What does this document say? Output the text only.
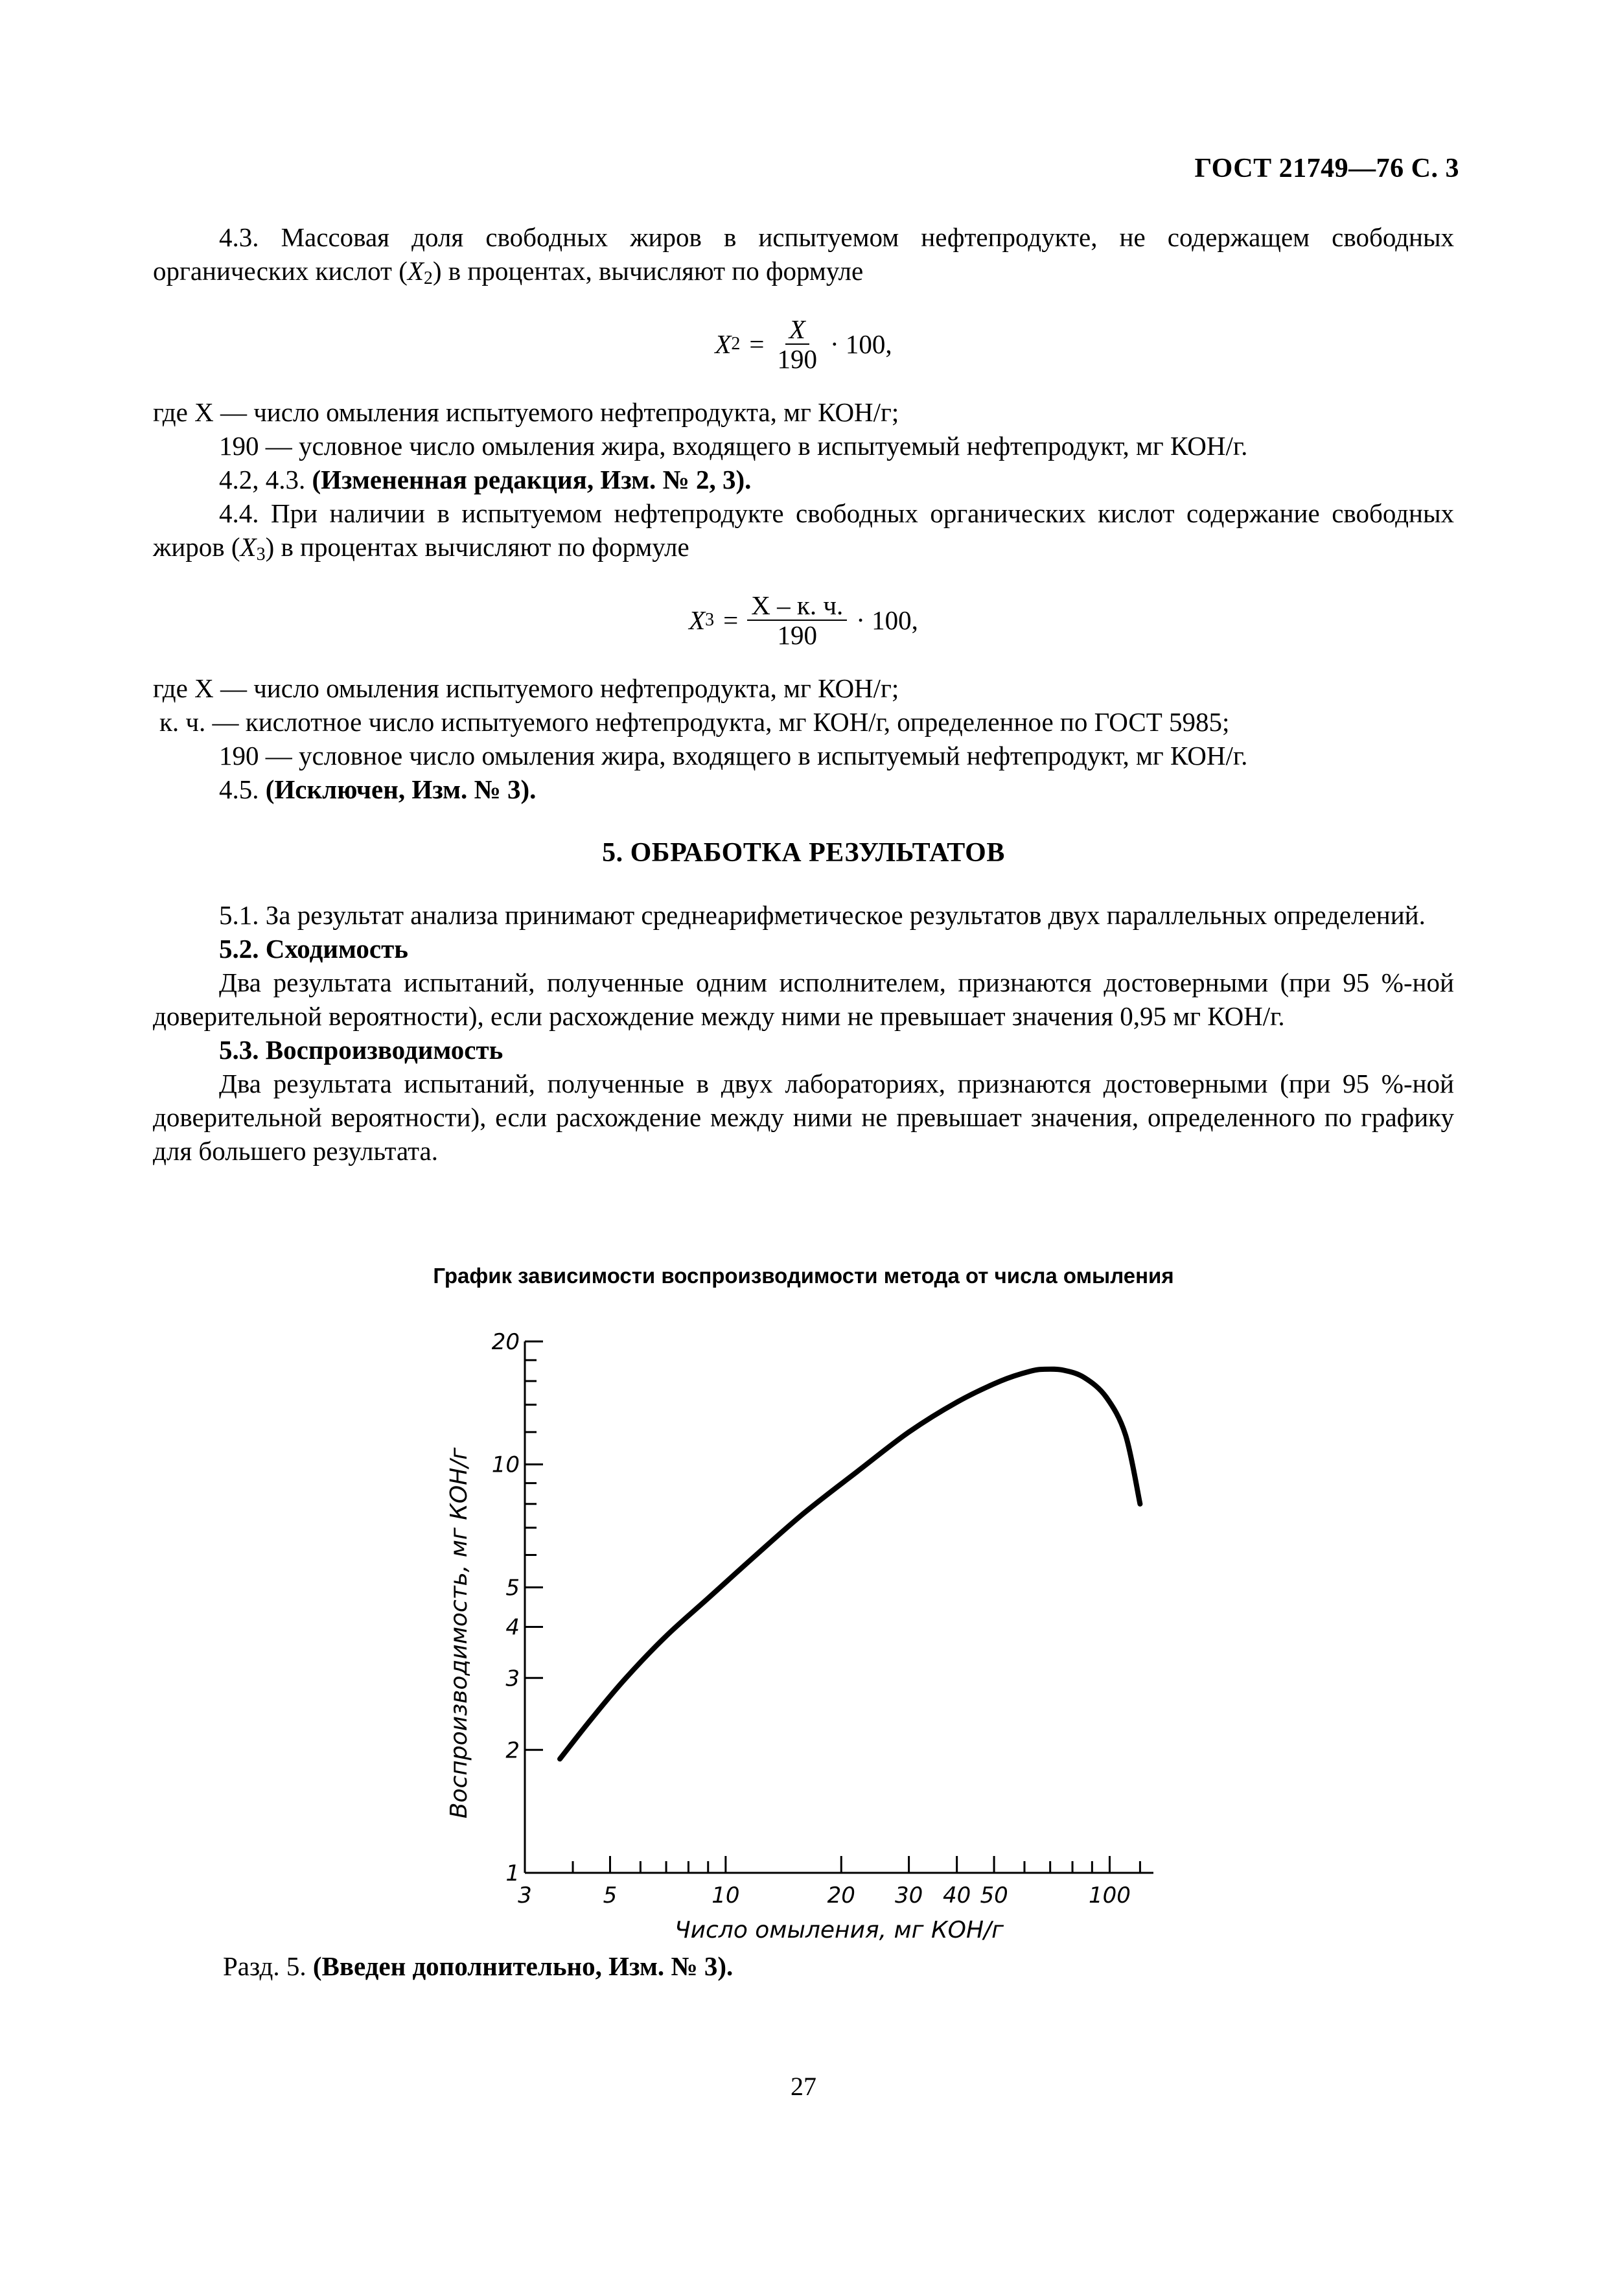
ГОСТ 21749—76 С. 3

4.3. Массовая доля свободных жиров в испытуемом нефтепродукте, не содержащем свободных органических кислот $(X_2)$ в процентах, вычисляют по формуле

X $2 = \frac{X}{190} \cdot 100$,

где X — число омыления испытуемого нефтепродукта, мг КОН/г;

190 — условное число омыления жира, входящего в испытуемый нефтепродукт, мг КОН/г.

4.2, 4.3. (Измененная редакция, Изм. № 2, 3).

4.4. При наличии в испытуемом нефтепродукте свободных органических кислот содержание свободных жиров $(X_3)$ в процентах вычисляют по формуле

X $3 = \frac{X - к. ч.}{190} \cdot 100$,

где X — число омыления испытуемого нефтепродукта, мг КОН/г;

к. ч. — кислотное число испытуемого нефтепродукта, мг КОН/г, определенное по ГОСТ 5985;

190 — условное число омыления жира, входящего в испытуемый нефтепродукт, мг КОН/г.

4.5. (Исключен, Изм. № 3).

5. ОБРАБОТКА РЕЗУЛЬТАТОВ

5.1. За результат анализа принимают среднеарифметическое результатов двух параллельных определений.

5.2. Сходимость

Два результата испытаний, полученные одним исполнителем, признаются достоверными (при 95 %-ной доверительной вероятности), если расхождение между ними не превышает значения 0,95 мг КОН/г.

5.3. Воспроизводимость

Два результата испытаний, полученные в двух лабораториях, признаются достоверными (при 95 %-ной доверительной вероятности), если расхождение между ними не превышает значения, определенного по графику для большего результата.

График зависимости воспроизводимости метода от числа омыления
1
2
3
4
5
10
20
3	5	10	20 30 40 50	100
Число омыления, мг КОН/г
Воспроизводимость, мг КОН/г
Разд. 5. (Введен дополнительно, Изм. № 3).
27
